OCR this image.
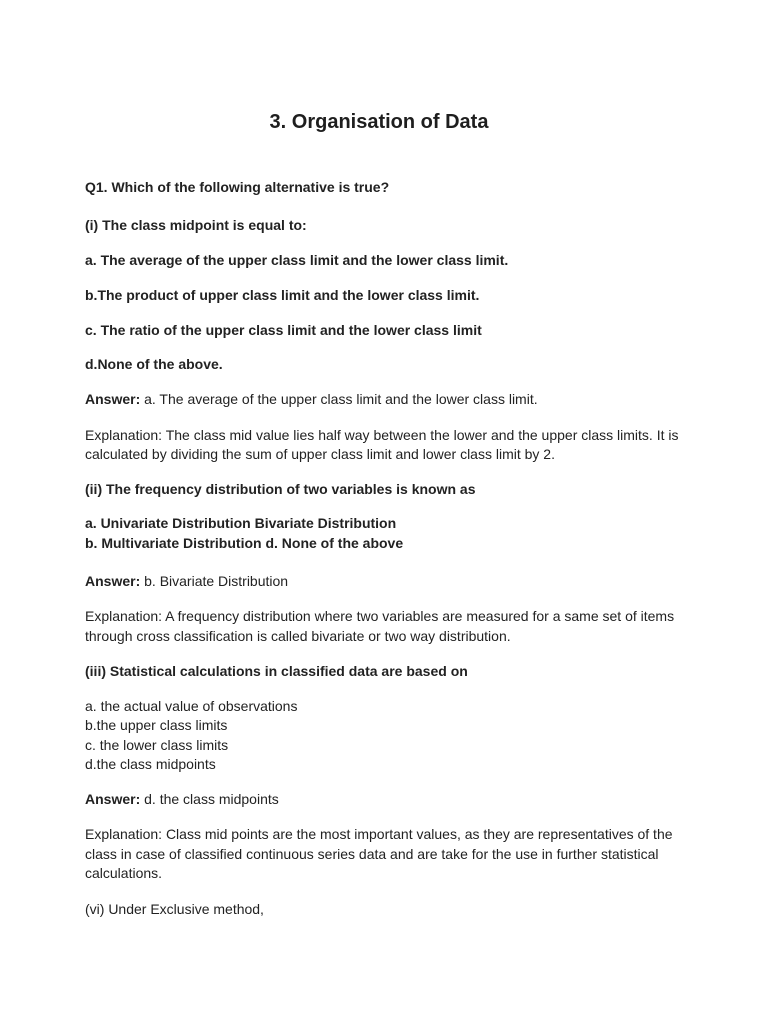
3. Organisation of Data
Q1. Which of the following alternative is true?
(i) The class midpoint is equal to:
a. The average of the upper class limit and the lower class limit.
b.The product of upper class limit and the lower class limit.
c. The ratio of the upper class limit and the lower class limit
d.None of the above.
Answer: a. The average of the upper class limit and the lower class limit.
Explanation: The class mid value lies half way between the lower and the upper class limits. It is
calculated by dividing the sum of upper class limit and lower class limit by 2.
(ii) The frequency distribution of two variables is known as
a. Univariate Distribution Bivariate Distribution
b. Multivariate Distribution d. None of the above
Answer: b. Bivariate Distribution
Explanation: A frequency distribution where two variables are measured for a same set of items
through cross classification is called bivariate or two way distribution.
(iii) Statistical calculations in classified data are based on
a. the actual value of observations
b.the upper class limits
c. the lower class limits
d.the class midpoints
Answer: d. the class midpoints
Explanation: Class mid points are the most important values, as they are representatives of the
class in case of classified continuous series data and are take for the use in further statistical
calculations.
(vi) Under Exclusive method,
